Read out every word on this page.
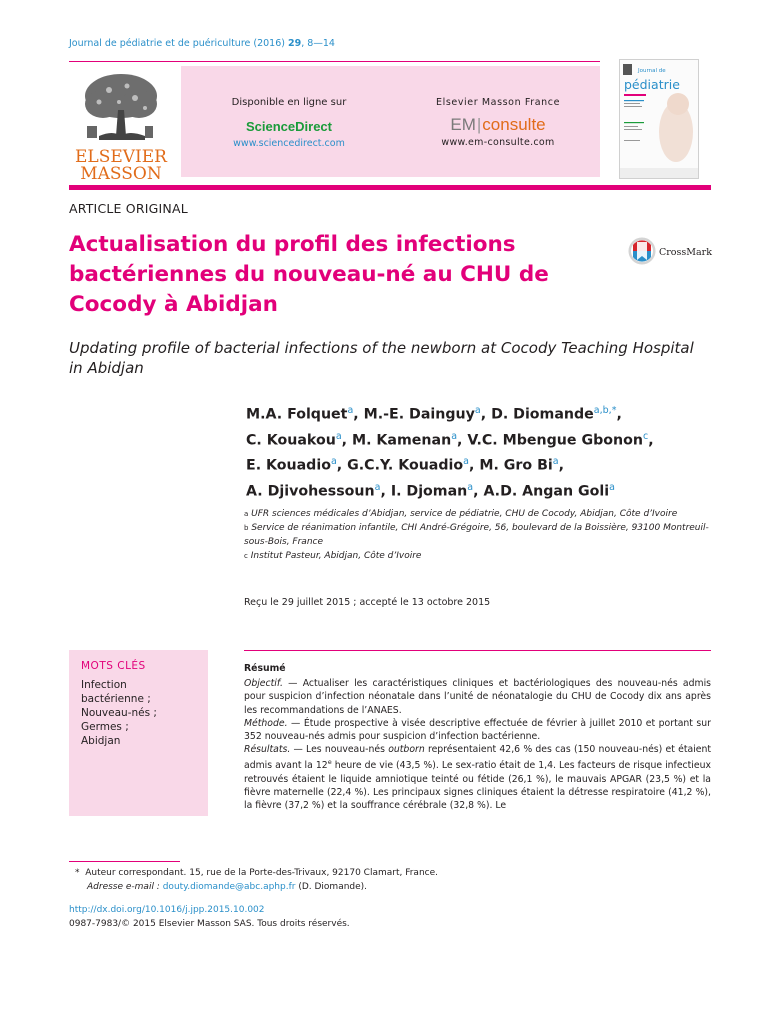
Journal de pédiatrie et de puériculture (2016) 29, 8—14
ELSEVIER
MASSON
Disponible en ligne sur
ScienceDirect
www.sciencedirect.com
Elsevier Masson France
EM|consulte
www.em-consulte.com
Journal de
pédiatrie
ARTICLE ORIGINAL
Actualisation du profil des infections bactériennes du nouveau-né au CHU de Cocody à Abidjan
CrossMark
Updating profile of bacterial infections of the newborn at Cocody Teaching Hospital in Abidjan
M.A. Folquet$^a$, M.-E. Dainguy$^a$, D. Diomande$^{a,b,*}$,
C. Kouakou$^a$, M. Kamenan$^a$, V.C. Mbengue Gbonon$^c$,
E. Kouadio$^a$, G.C.Y. Kouadio$^a$, M. Gro Bi$^a$,
A. Djivohessoun$^a$, I. Djoman$^a$, A.D. Angan Goli$^a$
$^a$ UFR sciences médicales d’Abidjan, service de pédiatrie, CHU de Cocody, Abidjan, Côte d’Ivoire
$^b$ Service de réanimation infantile, CHI André-Grégoire, 56, boulevard de la Boissière, 93100 Montreuil-sous-Bois, France
$^c$ Institut Pasteur, Abidjan, Côte d’Ivoire
Reçu le 29 juillet 2015 ; accepté le 13 octobre 2015
MOTS CLÉS
Infection
bactérienne ;
Nouveau-nés ;
Germes ;
Abidjan
Résumé
Objectif. — Actualiser les caractéristiques cliniques et bactériologiques des nouveau-nés admis pour suspicion d’infection néonatale dans l’unité de néonatalogie du CHU de Cocody dix ans après les recommandations de l’ANAES.
Méthode. — Étude prospective à visée descriptive effectuée de février à juillet 2010 et portant sur 352 nouveau-nés admis pour suspicion d’infection bactérienne.
Résultats. — Les nouveau-nés outborn représentaient 42,6 % des cas (150 nouveau-nés) et étaient admis avant la 12e heure de vie (43,5 %). Le sex-ratio était de 1,4. Les facteurs de risque infectieux retrouvés étaient le liquide amniotique teinté ou fétide (26,1 %), le mauvais APGAR (23,5 %) et la fièvre maternelle (22,4 %). Les principaux signes cliniques étaient la détresse respiratoire (41,2 %), la fièvre (37,2 %) et la souffrance cérébrale (32,8 %). Le
* Auteur correspondant. 15, rue de la Porte-des-Trivaux, 92170 Clamart, France.
Adresse e-mail : douty.diomande@abc.aphp.fr (D. Diomande).
http://dx.doi.org/10.1016/j.jpp.2015.10.002
0987-7983/© 2015 Elsevier Masson SAS. Tous droits réservés.
